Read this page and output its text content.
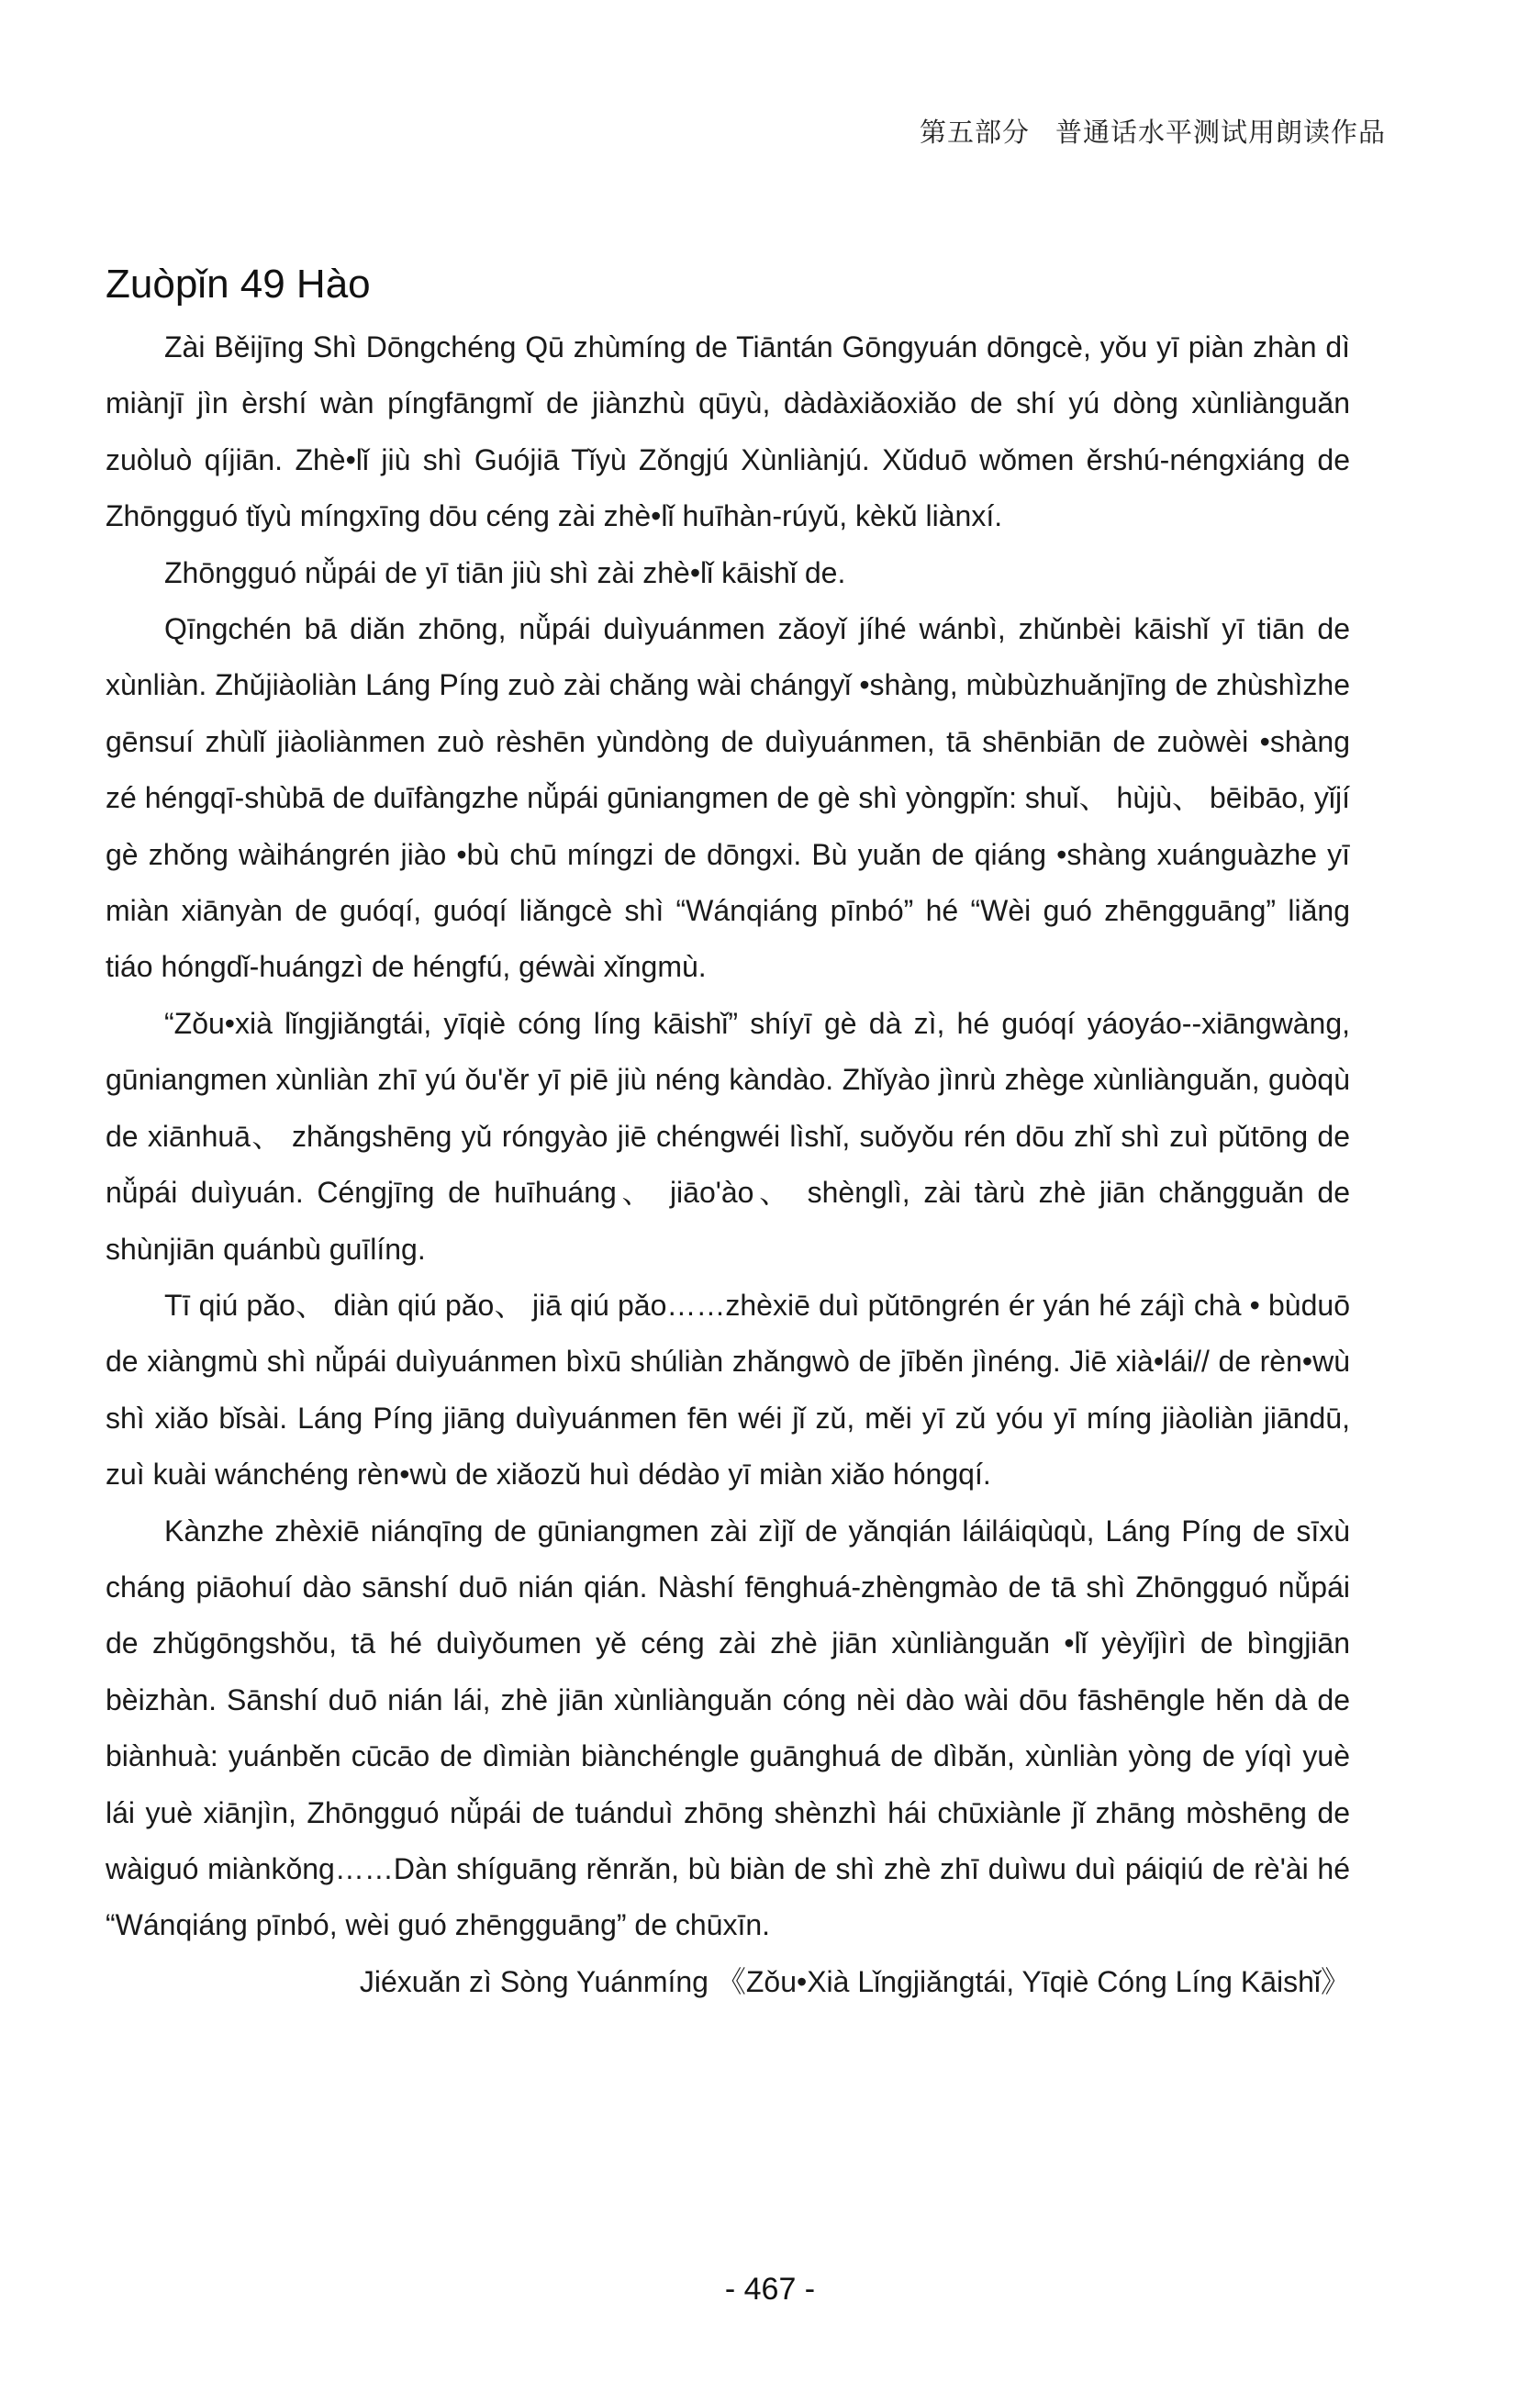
第五部分 普通话水平测试用朗读作品
Zuòpǐn 49 Hào

Zài Běijīng Shì Dōngchéng Qū zhùmíng de Tiāntán Gōngyuán dōngcè, yǒu yī piàn zhàn dì miànjī jìn èrshí wàn píngfāngmǐ de jiànzhù qūyù, dàdàxiǎoxiǎo de shí yú dòng xùnliànguǎn zuòluò qíjiān. Zhè•lǐ jiù shì Guójiā Tǐyù Zǒngjú Xùnliànjú. Xǔduō wǒmen ěrshú-néngxiáng de Zhōngguó tǐyù míngxīng dōu céng zài zhè•lǐ huīhàn-rúyǔ, kèkǔ liànxí.

Zhōngguó nǚpái de yī tiān jiù shì zài zhè•lǐ kāishǐ de.

Qīngchén bā diǎn zhōng, nǚpái duìyuánmen zǎoyǐ jíhé wánbì, zhǔnbèi kāishǐ yī tiān de xùnliàn. Zhǔjiàoliàn Láng Píng zuò zài chǎng wài chángyǐ •shàng, mùbùzhuǎnjīng de zhùshìzhe gēnsuí zhùlǐ jiàoliànmen zuò rèshēn yùndòng de duìyuánmen, tā shēnbiān de zuòwèi •shàng zé héngqī-shùbā de duīfàngzhe nǚpái gūniangmen de gè shì yòngpǐn: shuǐ、 hùjù、 bēibāo, yǐjí gè zhǒng wàihángrén jiào •bù chū míngzi de dōngxi. Bù yuǎn de qiáng •shàng xuánguàzhe yī miàn xiānyàn de guóqí, guóqí liǎngcè shì “Wánqiáng pīnbó” hé “Wèi guó zhēngguāng” liǎng tiáo hóngdǐ-huángzì de héngfú, géwài xǐngmù.

“Zǒu•xià lǐngjiǎngtái, yīqiè cóng líng kāishǐ” shíyī gè dà zì, hé guóqí yáoyáo--xiāngwàng, gūniangmen xùnliàn zhī yú ǒu'ěr yī piē jiù néng kàndào. Zhǐyào jìnrù zhège xùnliànguǎn, guòqù de xiānhuā、 zhǎngshēng yǔ róngyào jiē chéngwéi lìshǐ, suǒyǒu rén dōu zhǐ shì zuì pǔtōng de nǚpái duìyuán. Céngjīng de huīhuáng、 jiāo'ào、 shènglì, zài tàrù zhè jiān chǎngguǎn de shùnjiān quánbù guīlíng.

Tī qiú pǎo、 diàn qiú pǎo、 jiā qiú pǎo……zhèxiē duì pǔtōngrén ér yán hé zájì chà • bùduō de xiàngmù shì nǚpái duìyuánmen bìxū shúliàn zhǎngwò de jīběn jìnéng. Jiē xià•lái// de rèn•wù shì xiǎo bǐsài. Láng Píng jiāng duìyuánmen fēn wéi jǐ zǔ, měi yī zǔ yóu yī míng jiàoliàn jiāndū, zuì kuài wánchéng rèn•wù de xiǎozǔ huì dédào yī miàn xiǎo hóngqí.

Kànzhe zhèxiē niánqīng de gūniangmen zài zìjǐ de yǎnqián láiláiqùqù, Láng Píng de sīxù cháng piāohuí dào sānshí duō nián qián. Nàshí fēnghuá-zhèngmào de tā shì Zhōngguó nǚpái de zhǔgōngshǒu, tā hé duìyǒumen yě céng zài zhè jiān xùnliànguǎn •lǐ yèyǐjìrì de bìngjiān bèizhàn. Sānshí duō nián lái, zhè jiān xùnliànguǎn cóng nèi dào wài dōu fāshēngle hěn dà de biànhuà: yuánběn cūcāo de dìmiàn biànchéngle guānghuá de dìbǎn, xùnliàn yòng de yíqì yuè lái yuè xiānjìn, Zhōngguó nǚpái de tuánduì zhōng shènzhì hái chūxiànle jǐ zhāng mòshēng de wàiguó miànkǒng……Dàn shíguāng rěnrǎn, bù biàn de shì zhè zhī duìwu duì páiqiú de rè'ài hé “Wánqiáng pīnbó, wèi guó zhēngguāng” de chūxīn.

Jiéxuǎn zì Sòng Yuánmíng 《Zǒu•Xià Lǐngjiǎngtái, Yīqiè Cóng Líng Kāishǐ》

- 467 -
